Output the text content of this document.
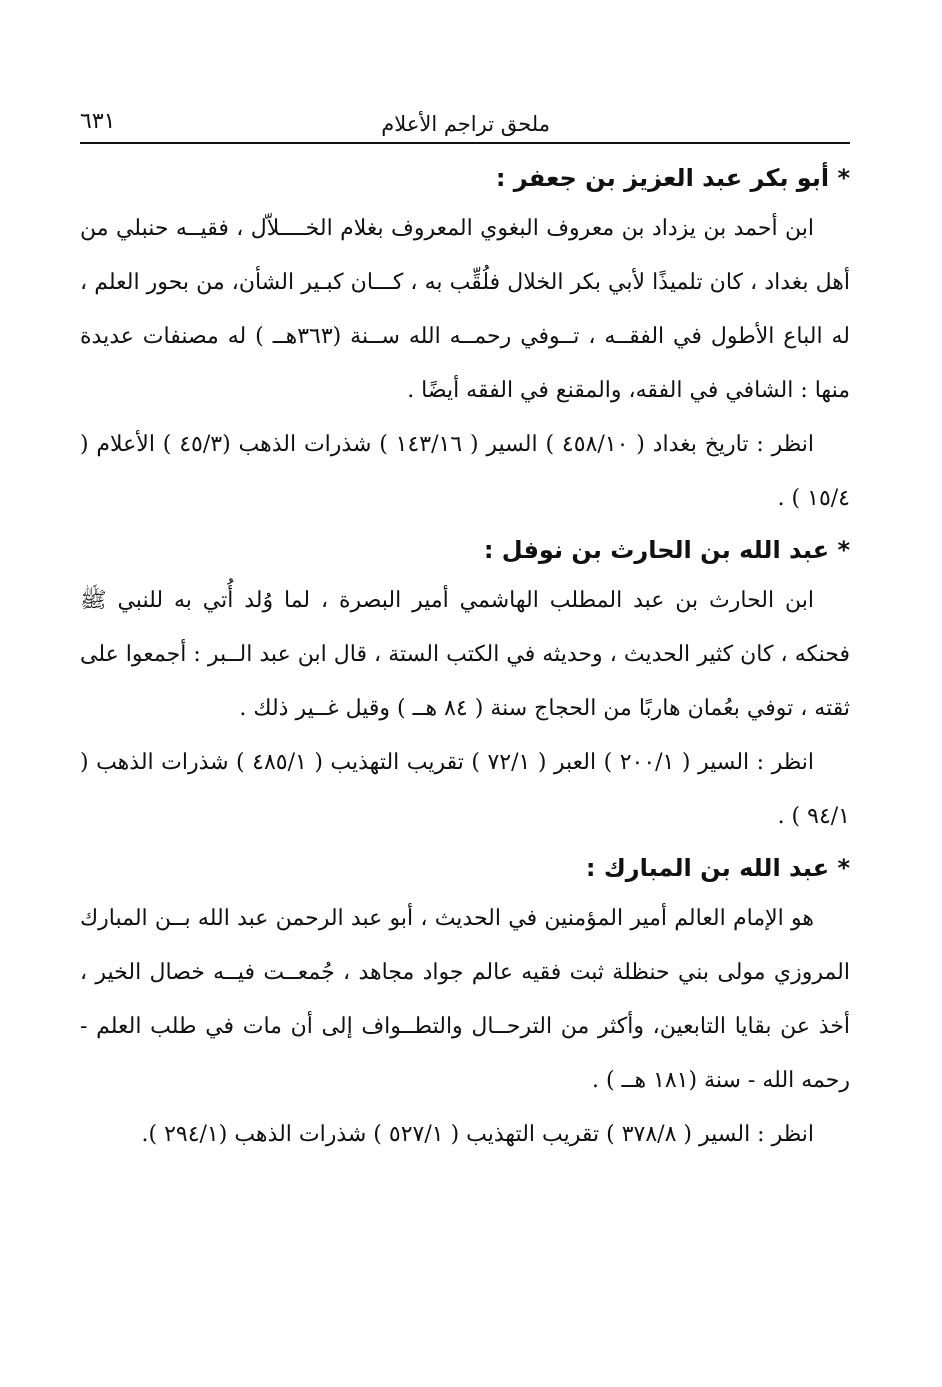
ملحق تراجم الأعلام
٦٣١
* أبو بكر عبد العزيز بن جعفر :

ابن أحمد بن يزداد بن معروف البغوي المعروف بغلام الخــــلاّل ، فقيــه حنبلي من أهل بغداد ، كان تلميذًا لأبي بكر الخلال فلُقِّب به ، كـــان كبـير الشأن، من بحور العلم ، له الباع الأطول في الفقــه ، تــوفي رحمــه الله ســنة (٣٦٣هــ ) له مصنفات عديدة منها : الشافي في الفقه، والمقنع في الفقه أيضًا .

انظر : تاريخ بغداد ( ٤٥٨/١٠ ) السير ( ١٤٣/١٦ ) شذرات الذهب (٤٥/٣ ) الأعلام ( ١٥/٤ ) .

* عبد الله بن الحارث بن نوفل :

ابن الحارث بن عبد المطلب الهاشمي أمير البصرة ، لما وُلد أُتي به للنبي ﷺ فحنكه ، كان كثير الحديث ، وحديثه في الكتب الستة ، قال ابن عبد الــبر : أجمعوا على ثقته ، توفي بعُمان هاربًا من الحجاج سنة ( ٨٤ هــ ) وقيل غــير ذلك .

انظر : السير ( ٢٠٠/١ ) العبر ( ٧٢/١ ) تقريب التهذيب ( ٤٨٥/١ ) شذرات الذهب ( ٩٤/١ ) .

* عبد الله بن المبارك :

هو الإمام العالم أمير المؤمنين في الحديث ، أبو عبد الرحمن عبد الله بــن المبارك المروزي مولى بني حنظلة ثبت فقيه عالم جواد مجاهد ، جُمعــت فيــه خصال الخير ، أخذ عن بقايا التابعين، وأكثر من الترحــال والتطــواف إلى أن مات في طلب العلم - رحمه الله - سنة (١٨١ هــ ) .

انظر : السير ( ٣٧٨/٨ ) تقريب التهذيب ( ٥٢٧/١ ) شذرات الذهب (٢٩٤/١ ).
